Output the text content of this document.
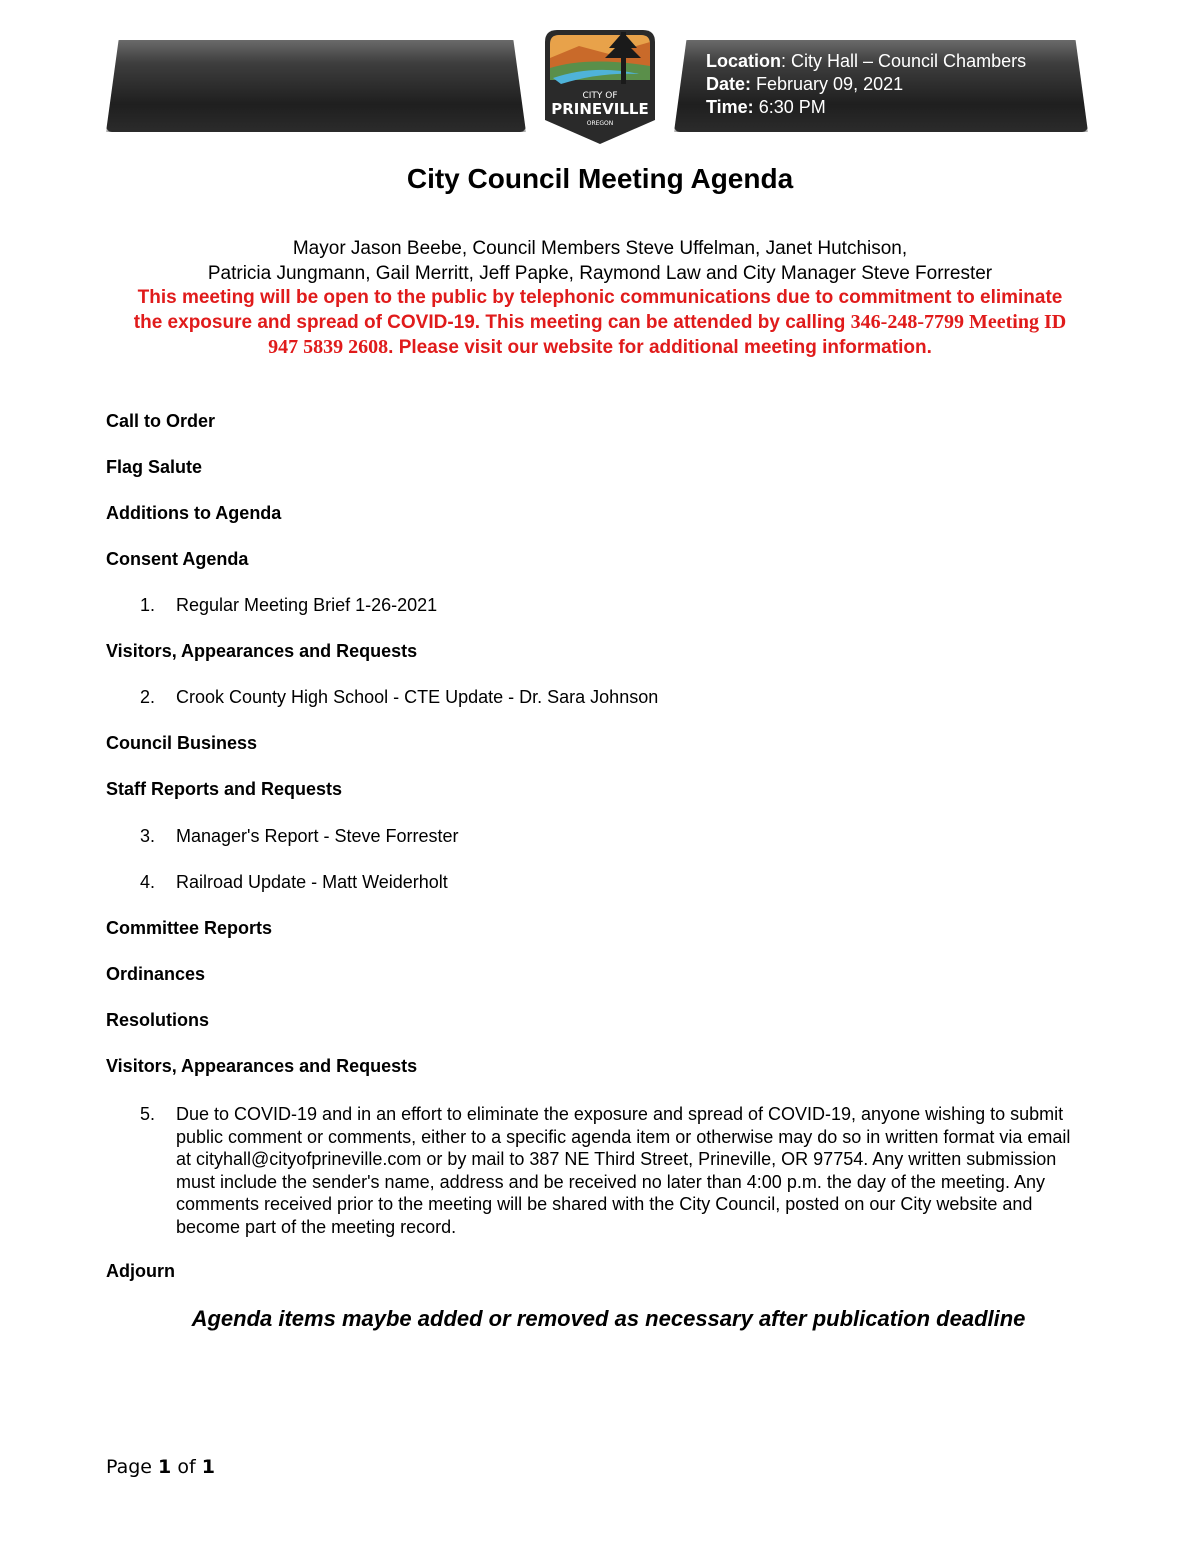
Location: City Hall – Council Chambers
Date: February 09, 2021
Time: 6:30 PM
CITY OF
PRINEVILLE
OREGON
City Council Meeting Agenda
Mayor Jason Beebe, Council Members Steve Uffelman, Janet Hutchison,
Patricia Jungmann, Gail Merritt, Jeff Papke, Raymond Law and City Manager Steve Forrester
This meeting will be open to the public by telephonic communications due to commitment to eliminate
the exposure and spread of COVID-19. This meeting can be attended by calling 346-248-7799 Meeting ID
947 5839 2608. Please visit our website for additional meeting information.
Call to Order
Flag Salute
Additions to Agenda
Consent Agenda
1. Regular Meeting Brief 1-26-2021
Visitors, Appearances and Requests
2. Crook County High School - CTE Update - Dr. Sara Johnson
Council Business
Staff Reports and Requests
3. Manager's Report - Steve Forrester
4. Railroad Update - Matt Weiderholt
Committee Reports
Ordinances
Resolutions
Visitors, Appearances and Requests
5. Due to COVID-19 and in an effort to eliminate the exposure and spread of COVID-19, anyone wishing to submit public comment or comments, either to a specific agenda item or otherwise may do so in written format via email at cityhall@cityofprineville.com or by mail to 387 NE Third Street, Prineville, OR 97754. Any written submission must include the sender's name, address and be received no later than 4:00 p.m. the day of the meeting. Any comments received prior to the meeting will be shared with the City Council, posted on our City website and become part of the meeting record.
Adjourn
Agenda items maybe added or removed as necessary after publication deadline
Page 1 of 1
